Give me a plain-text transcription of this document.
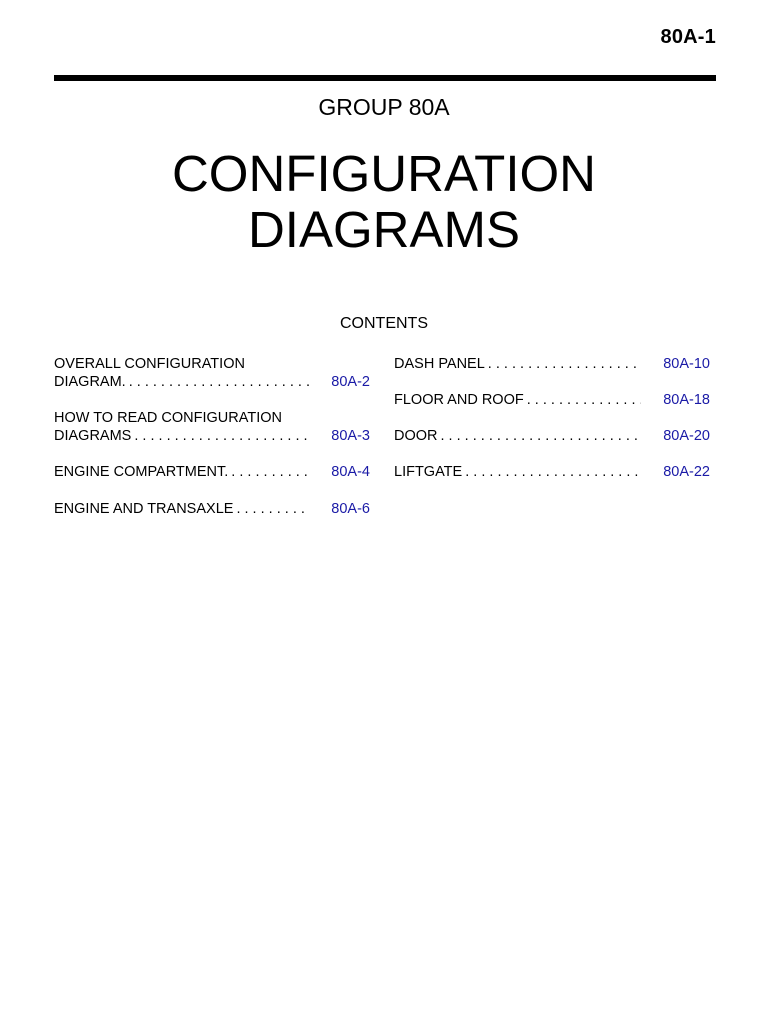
80A-1
GROUP 80A
CONFIGURATION
DIAGRAMS
CONTENTS
OVERALL CONFIGURATION
DIAGRAM. . . .	80A-2
HOW TO READ CONFIGURATION
DIAGRAMS . . .	80A-3
ENGINE COMPARTMENT. . . .	80A-4
ENGINE AND TRANSAXLE . . .	80A-6
DASH PANEL . . .	80A-10
FLOOR AND ROOF . . .	80A-18
DOOR . . .	80A-20
LIFTGATE . . .	80A-22
